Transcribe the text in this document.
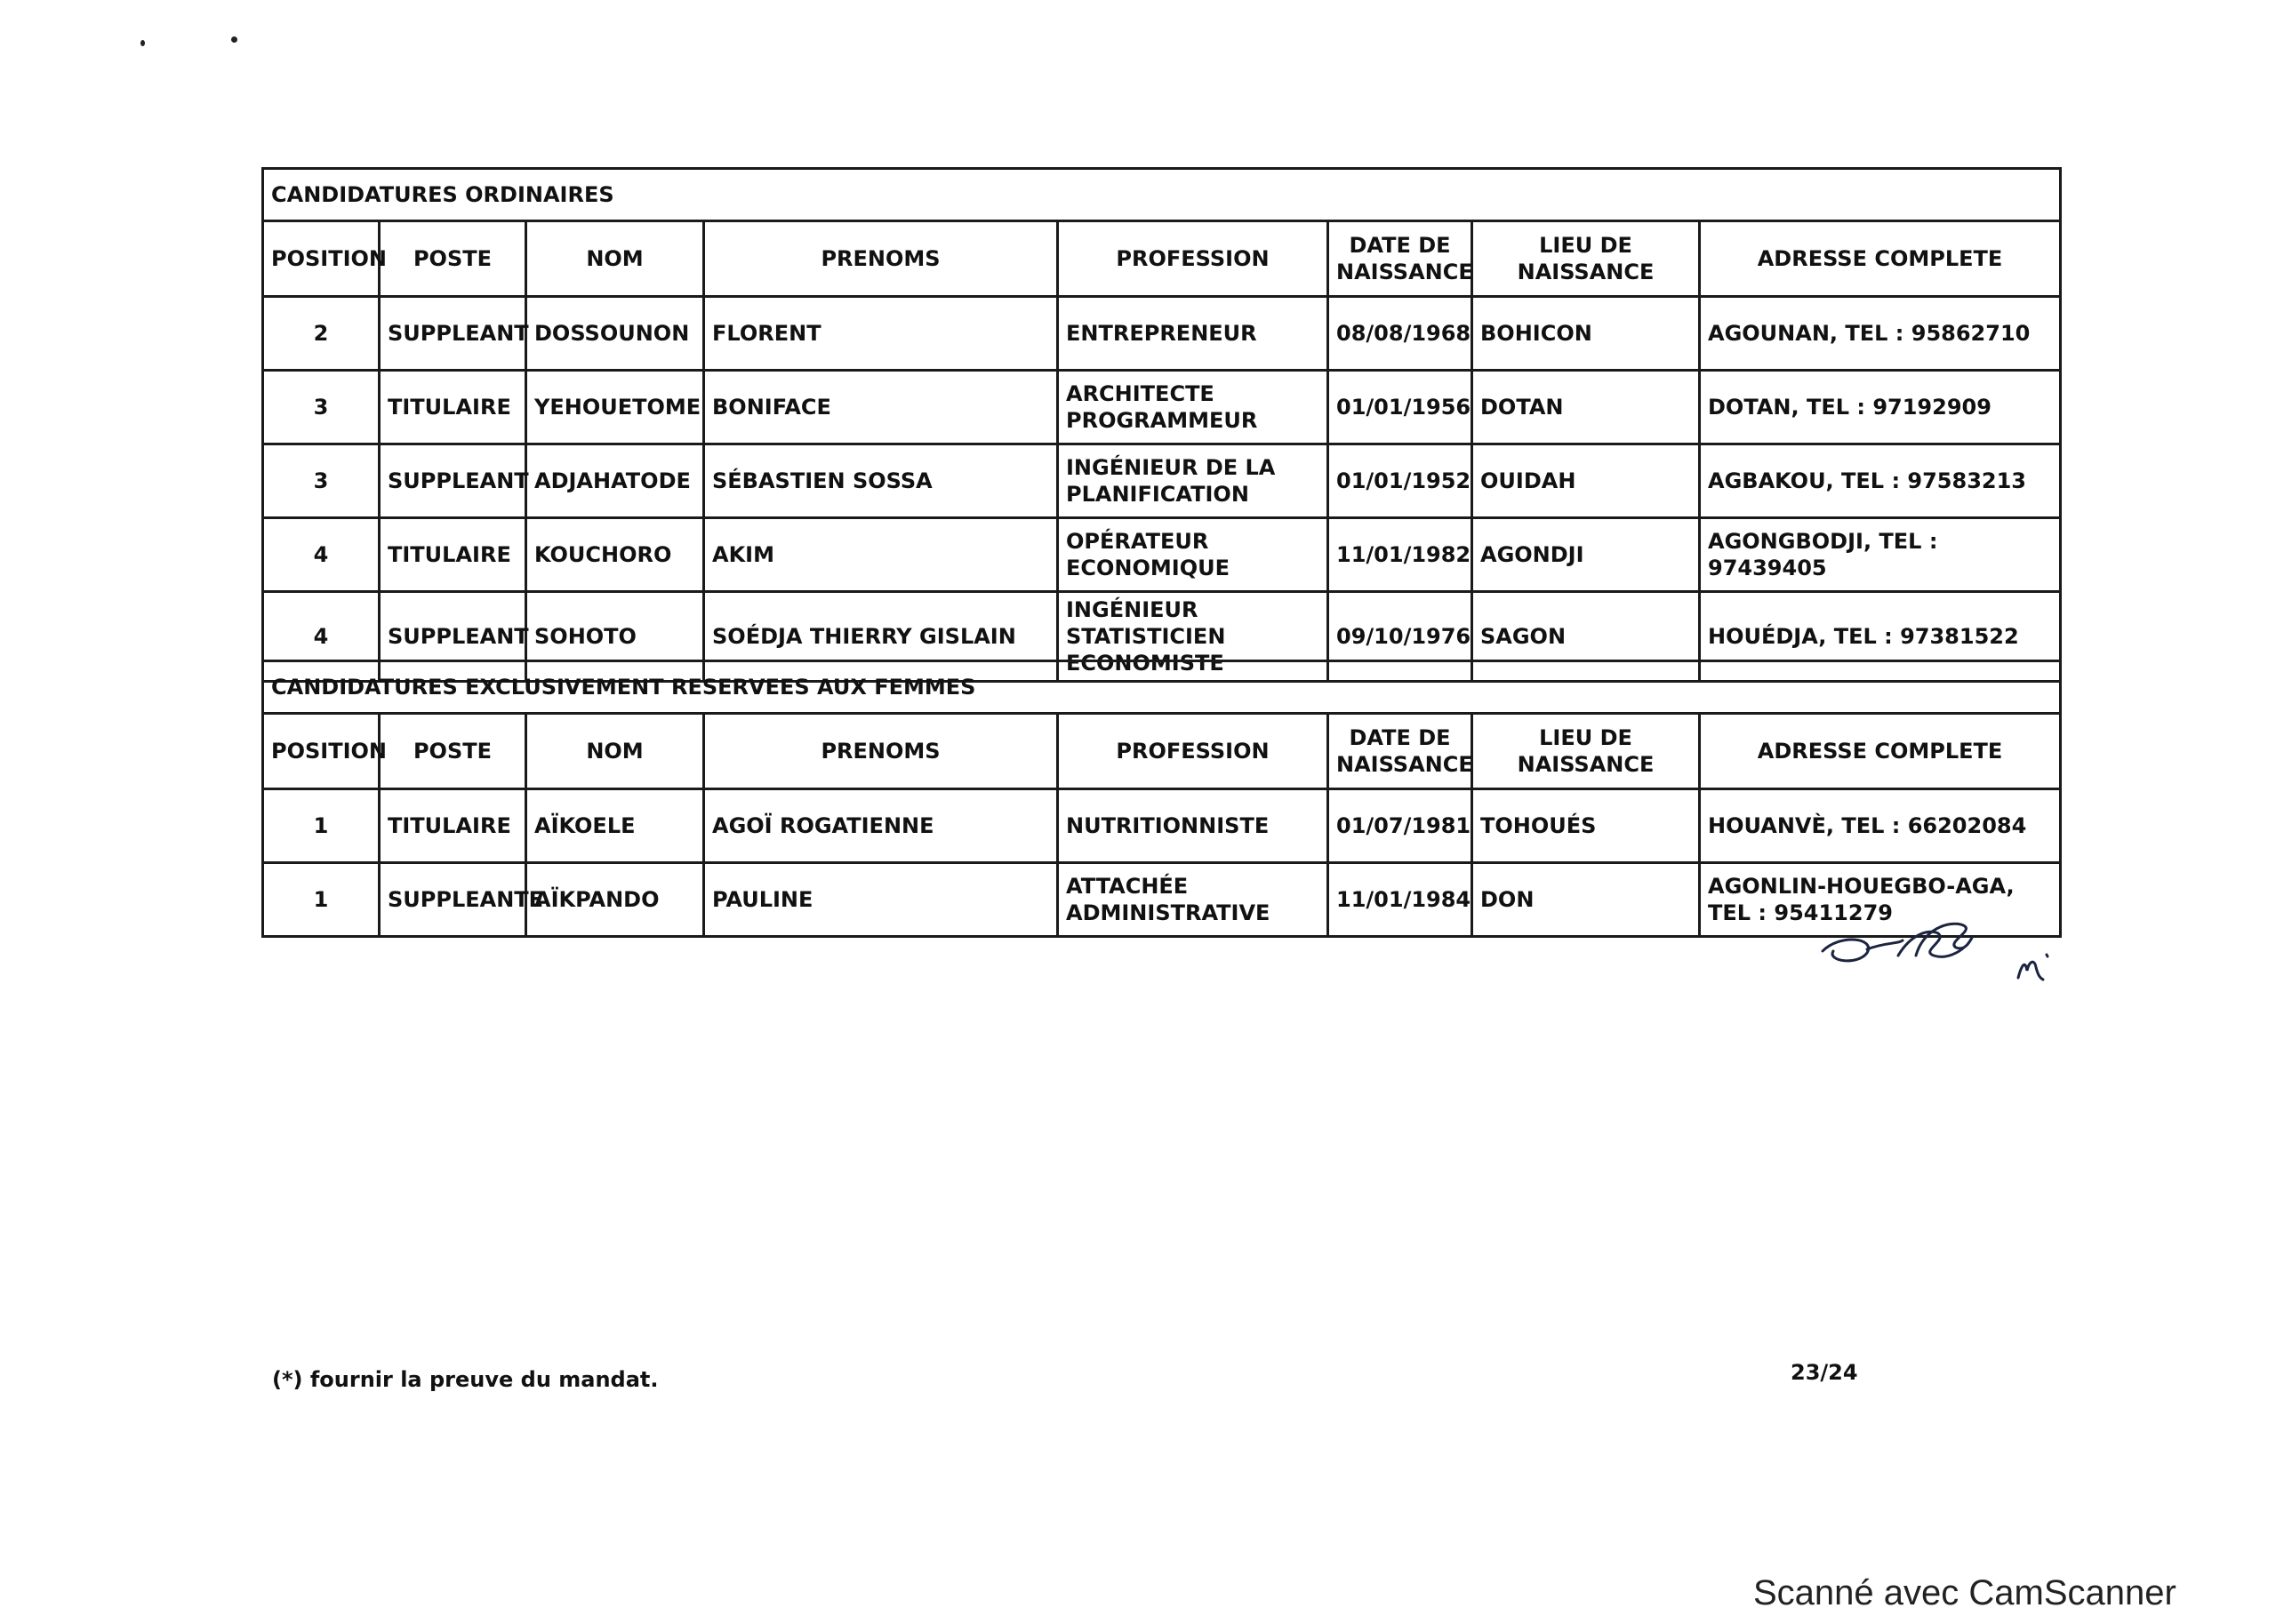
CANDIDATURES ORDINAIRES							
POSITION	POSTE	NOM	PRENOMS	PROFESSION	DATE DE NAISSANCE	LIEU DE NAISSANCE	ADRESSE COMPLETE
2	SUPPLEANT	DOSSOUNON	FLORENT	ENTREPRENEUR	08/08/1968	BOHICON	AGOUNAN, TEL : 95862710
3	TITULAIRE	YEHOUETOME	BONIFACE	ARCHITECTE PROGRAMMEUR	01/01/1956	DOTAN	DOTAN, TEL : 97192909
3	SUPPLEANT	ADJAHATODE	SÉBASTIEN SOSSA	INGÉNIEUR DE LA PLANIFICATION	01/01/1952	OUIDAH	AGBAKOU, TEL : 97583213
4	TITULAIRE	KOUCHORO	AKIM	OPÉRATEUR ECONOMIQUE	11/01/1982	AGONDJI	AGONGBODJI, TEL : 97439405
4	SUPPLEANT	SOHOTO	SOÉDJA THIERRY GISLAIN	INGÉNIEUR STATISTICIEN ECONOMISTE	09/10/1976	SAGON	HOUÉDJA, TEL : 97381522
CANDIDATURES EXCLUSIVEMENT RESERVEES AUX FEMMES							
POSITION	POSTE	NOM	PRENOMS	PROFESSION	DATE DE NAISSANCE	LIEU DE NAISSANCE	ADRESSE COMPLETE
1	TITULAIRE	AÏKOELE	AGOÏ ROGATIENNE	NUTRITIONNISTE	01/07/1981	TOHOUÉS	HOUANVÈ, TEL : 66202084
1	SUPPLEANTE	AÏKPANDO	PAULINE	ATTACHÉE ADMINISTRATIVE	11/01/1984	DON	AGONLIN-HOUEGBO-AGA, TEL : 95411279
(*) fournir la preuve du mandat.	23/24
Scanné avec CamScanner
